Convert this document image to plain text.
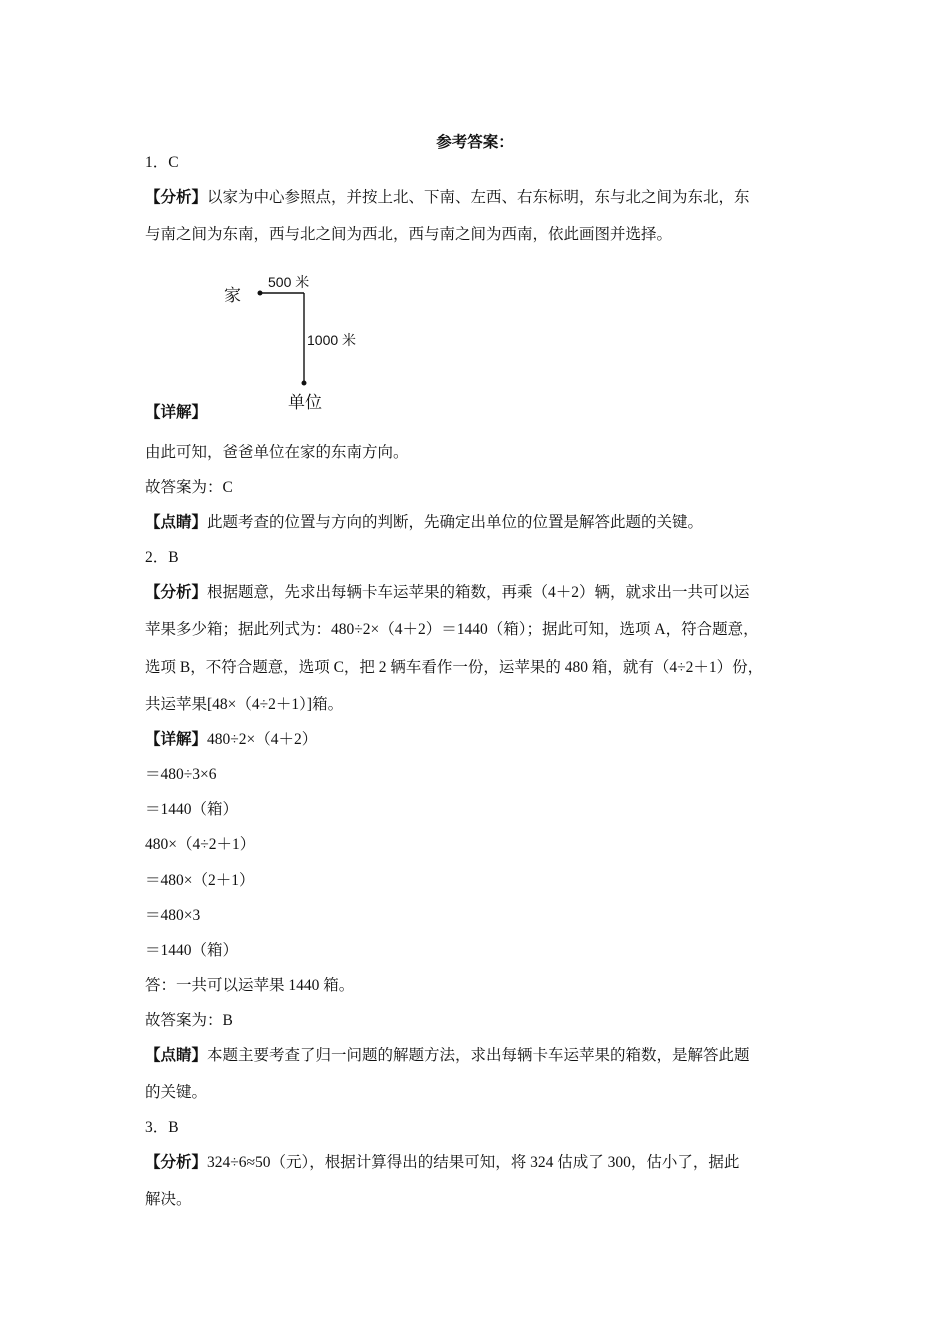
参考答案：
1．C
【分析】以家为中心参照点，并按上北、下南、左西、右东标明，东与北之间为东北，东
与南之间为东南，西与北之间为西北，西与南之间为西南，依此画图并选择。
家
500 米
1000 米
单位
【详解】
由此可知，爸爸单位在家的东南方向。
故答案为：C
【点睛】此题考查的位置与方向的判断，先确定出单位的位置是解答此题的关键。
2．B
【分析】根据题意，先求出每辆卡车运苹果的箱数，再乘（4＋2）辆，就求出一共可以运
苹果多少箱；据此列式为：480÷2×（4＋2）＝1440（箱）；据此可知，选项 A，符合题意，
选项 B，不符合题意，选项 C，把 2 辆车看作一份，运苹果的 480 箱，就有（4÷2＋1）份，
共运苹果[48×（4÷2＋1）]箱。
【详解】480÷2×（4＋2）
＝480÷3×6
＝1440（箱）
480×（4÷2＋1）
＝480×（2＋1）
＝480×3
＝1440（箱）
答：一共可以运苹果 1440 箱。
故答案为：B
【点睛】本题主要考查了归一问题的解题方法，求出每辆卡车运苹果的箱数，是解答此题
的关键。
3．B
【分析】324÷6≈50（元），根据计算得出的结果可知，将 324 估成了 300，估小了，据此
解决。
